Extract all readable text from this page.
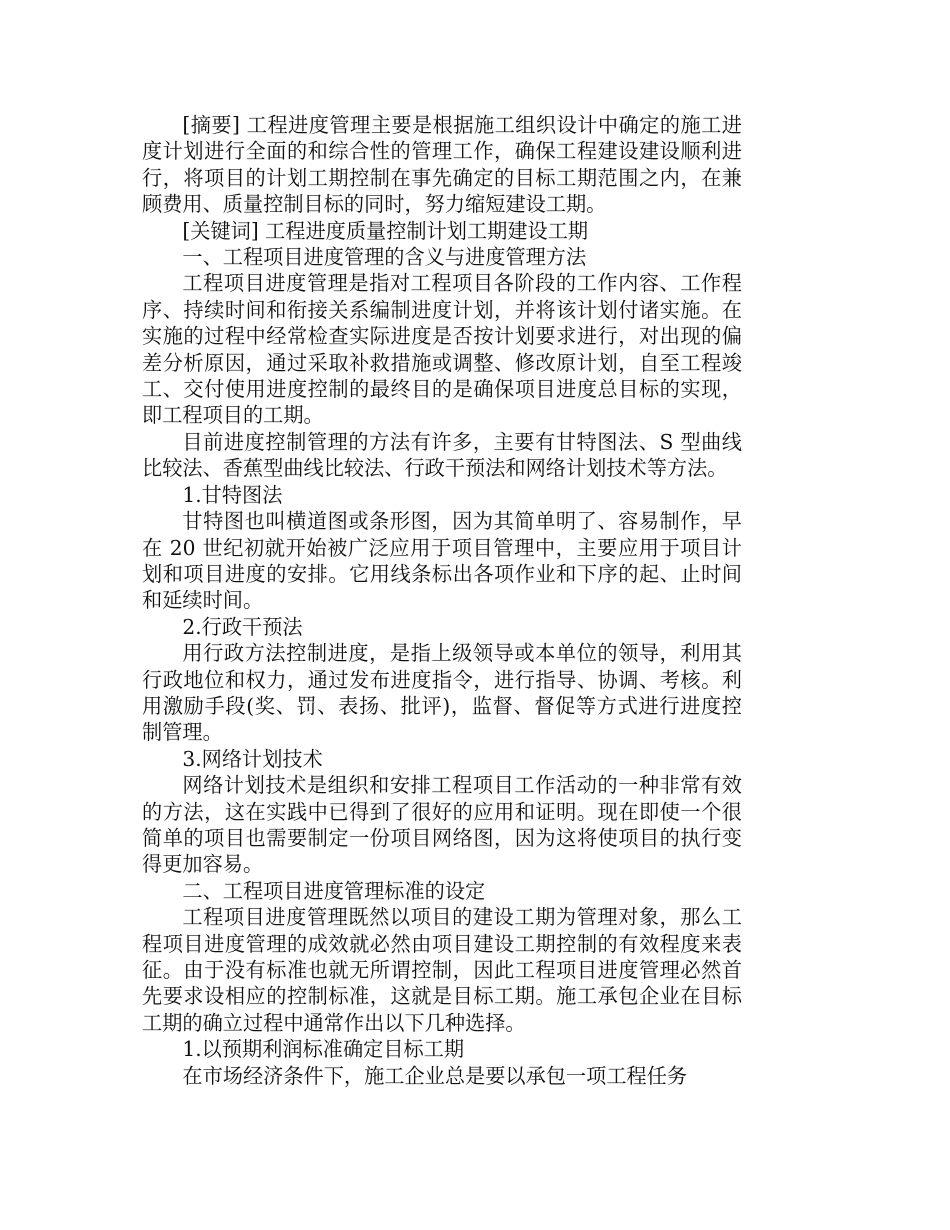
[摘要] 工程进度管理主要是根据施工组织设计中确定的施工进度计划进行全面的和综合性的管理工作，确保工程建设建设顺利进行，将项目的计划工期控制在事先确定的目标工期范围之内，在兼顾费用、质量控制目标的同时，努力缩短建设工期。

[关键词] 工程进度质量控制计划工期建设工期

一、工程项目进度管理的含义与进度管理方法

工程项目进度管理是指对工程项目各阶段的工作内容、工作程序、持续时间和衔接关系编制进度计划，并将该计划付诸实施。在实施的过程中经常检查实际进度是否按计划要求进行，对出现的偏差分析原因，通过采取补救措施或调整、修改原计划，自至工程竣工、交付使用进度控制的最终目的是确保项目进度总目标的实现，即工程项目的工期。

目前进度控制管理的方法有许多，主要有甘特图法、S 型曲线比较法、香蕉型曲线比较法、行政干预法和网络计划技术等方法。

1.甘特图法

甘特图也叫横道图或条形图，因为其简单明了、容易制作，早在 20 世纪初就开始被广泛应用于项目管理中，主要应用于项目计划和项目进度的安排。它用线条标出各项作业和下序的起、止时间和延续时间。

2.行政干预法

用行政方法控制进度，是指上级领导或本单位的领导，利用其行政地位和权力，通过发布进度指令，进行指导、协调、考核。利用激励手段(奖、罚、表扬、批评)，监督、督促等方式进行进度控制管理。

3.网络计划技术

网络计划技术是组织和安排工程项目工作活动的一种非常有效的方法，这在实践中已得到了很好的应用和证明。现在即使一个很简单的项目也需要制定一份项目网络图，因为这将使项目的执行变得更加容易。

二、工程项目进度管理标准的设定

工程项目进度管理既然以项目的建设工期为管理对象，那么工程项目进度管理的成效就必然由项目建设工期控制的有效程度来表征。由于没有标准也就无所谓控制，因此工程项目进度管理必然首先要求设相应的控制标准，这就是目标工期。施工承包企业在目标工期的确立过程中通常作出以下几种选择。

1.以预期利润标准确定目标工期

在市场经济条件下，施工企业总是要以承包一项工程任务
